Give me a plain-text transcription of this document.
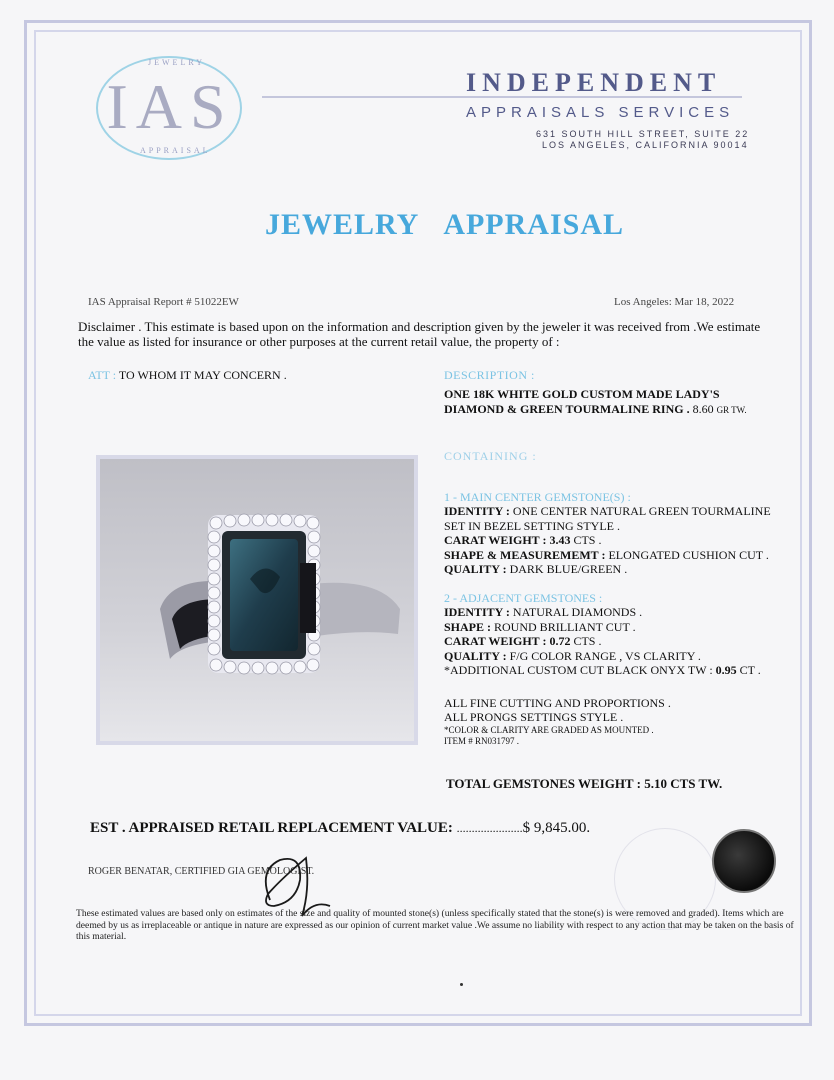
IAS
JEWELRY
APPRAISAL
INDEPENDENT
APPRAISALS SERVICES
631 SOUTH HILL STREET, SUITE 22
LOS ANGELES, CALIFORNIA 90014
JEWELRY APPRAISAL
IAS Appraisal Report # 51022EW	Los Angeles: Mar 18, 2022
Disclaimer . This estimate is based upon on the information and description given by the jeweler it was received from .We estimate the value as listed for insurance or other purposes at the current retail value, the property of :
ATT : TO WHOM IT MAY CONCERN .	DESCRIPTION :
ONE 18K WHITE GOLD CUSTOM MADE LADY'S
DIAMOND & GREEN TOURMALINE RING . 8.60 GR TW.
CONTAINING :
1 - MAIN CENTER GEMSTONE(S) :
IDENTITY : ONE CENTER NATURAL GREEN TOURMALINE
SET IN BEZEL SETTING STYLE .
CARAT WEIGHT : 3.43 CTS .
SHAPE & MEASUREMEMT : ELONGATED CUSHION CUT .
QUALITY : DARK BLUE/GREEN .
2 - ADJACENT GEMSTONES :
IDENTITY : NATURAL DIAMONDS .
SHAPE : ROUND BRILLIANT CUT .
CARAT WEIGHT : 0.72 CTS .
QUALITY : F/G COLOR RANGE , VS CLARITY .
*ADDITIONAL CUSTOM CUT BLACK ONYX TW : 0.95 CT .
ALL FINE CUTTING AND PROPORTIONS .
ALL PRONGS SETTINGS STYLE .
*COLOR & CLARITY ARE GRADED AS MOUNTED .
ITEM # RN031797 .
TOTAL GEMSTONES WEIGHT : 5.10 CTS TW.
EST . APPRAISED RETAIL REPLACEMENT VALUE: ......................$ 9,845.00.
ROGER BENATAR, CERTIFIED GIA GEMOLOGIST.
These estimated values are based only on estimates of the size and quality of mounted stone(s) (unless specifically stated that the stone(s) is were removed and graded). Items which are deemed by us as irreplaceable or antique in nature are expressed as our opinion of current market value .We assume no liability with respect to any action that may be taken on the basis of this material.
